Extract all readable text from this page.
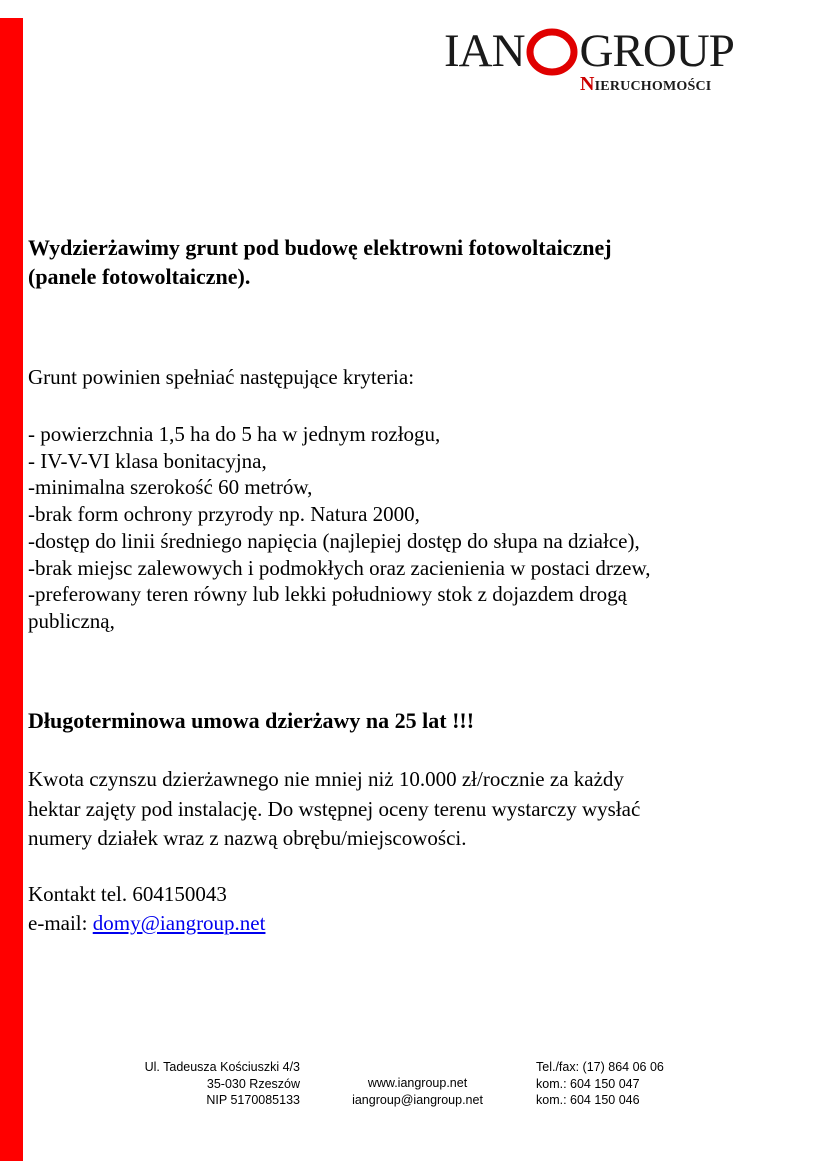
IAN GROUP
NIERUCHOMOŚCI

Wydzierżawimy grunt pod budowę elektrowni fotowoltaicznej

(panele fotowoltaiczne).

Grunt powinien spełniać następujące kryteria:

- powierzchnia 1,5 ha do 5 ha w jednym rozłogu,
- IV-V-VI klasa bonitacyjna,
-minimalna szerokość 60 metrów,
-brak form ochrony przyrody np. Natura 2000,
-dostęp do linii średniego napięcia (najlepiej dostęp do słupa na działce),
-brak miejsc zalewowych i podmokłych oraz zacienienia w postaci drzew,
-preferowany teren równy lub lekki południowy stok z dojazdem drogą
publiczną,

Długoterminowa umowa dzierżawy na 25 lat !!!

Kwota czynszu dzierżawnego nie mniej niż 10.000 zł/rocznie za każdy
hektar zajęty pod instalację. Do wstępnej oceny terenu wystarczy wysłać
numery działek wraz z nazwą obrębu/miejscowości.
Kontakt tel. 604150043
e-mail: domy@iangroup.net
Ul. Tadeusza Kościuszki 4/3
35-030 Rzeszów
NIP 5170085133
www.iangroup.net
iangroup@iangroup.net
Tel./fax: (17) 864 06 06
kom.: 604 150 047
kom.: 604 150 046
